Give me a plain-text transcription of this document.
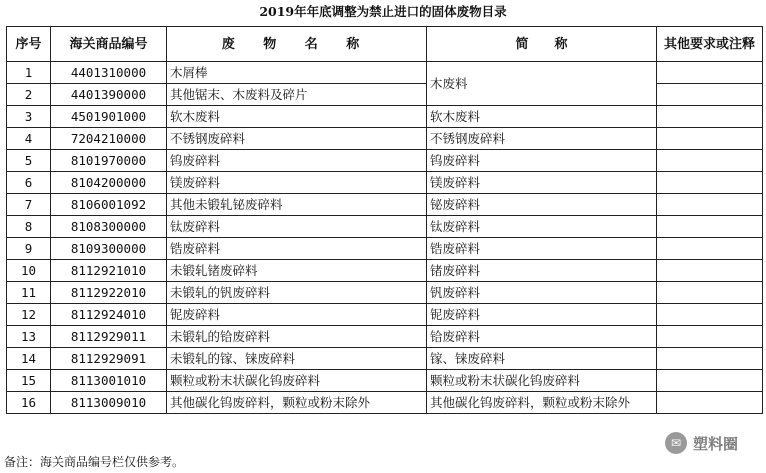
2019年年底调整为禁止进口的固体废物目录
序号	海关商品编号	废 物 名 称	简　　称	其他要求或注释
1	4401310000	木屑棒	木废料	
2	4401390000	其他锯末、木废料及碎片		
3	4501901000	软木废料	软木废料	
4	7204210000	不锈钢废碎料	不锈钢废碎料	
5	8101970000	钨废碎料	钨废碎料	
6	8104200000	镁废碎料	镁废碎料	
7	8106001092	其他未锻轧铋废碎料	铋废碎料	
8	8108300000	钛废碎料	钛废碎料	
9	8109300000	锆废碎料	锆废碎料	
10	8112921010	未锻轧锗废碎料	锗废碎料	
11	8112922010	未锻轧的钒废碎料	钒废碎料	
12	8112924010	铌废碎料	铌废碎料	
13	8112929011	未锻轧的铪废碎料	铪废碎料	
14	8112929091	未锻轧的镓、铼废碎料	镓、铼废碎料	
15	8113001010	颗粒或粉末状碳化钨废碎料	颗粒或粉末状碳化钨废碎料	
16	8113009010	其他碳化钨废碎料，颗粒或粉末除外	其他碳化钨废碎料，颗粒或粉末除外	
备注：海关商品编号栏仅供参考。
✉ 塑料圈
